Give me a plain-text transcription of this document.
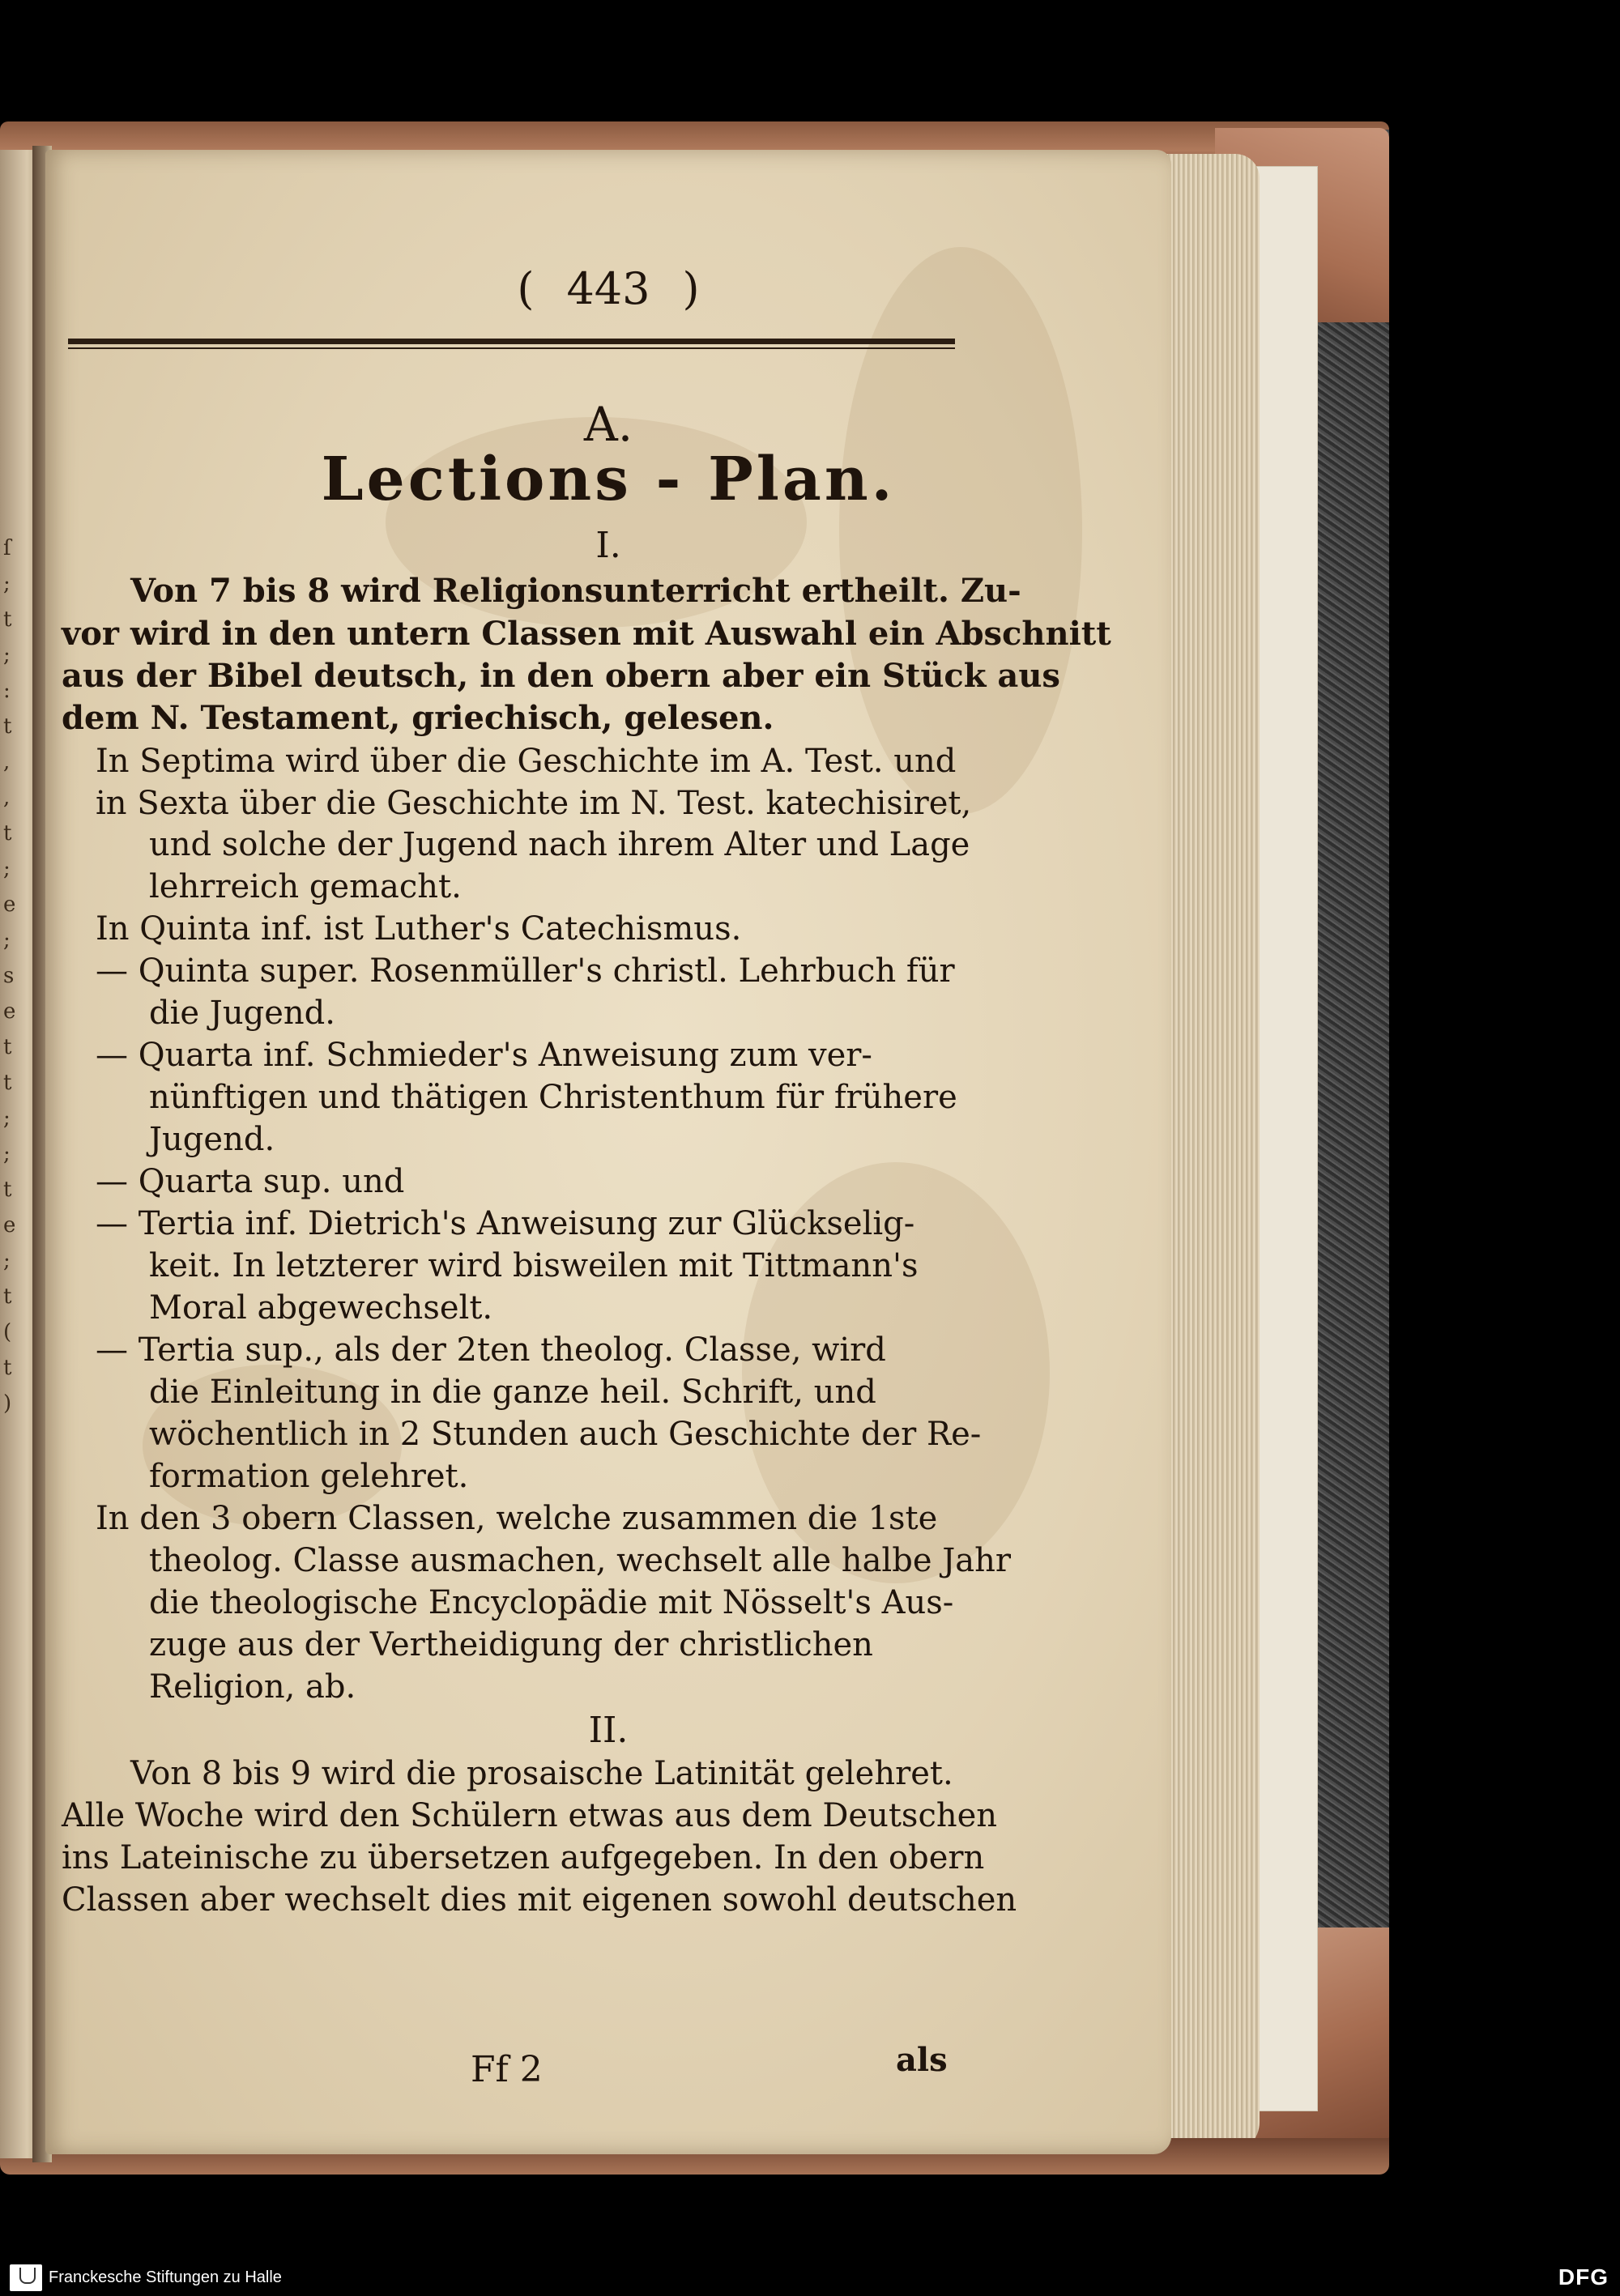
ſ
;
t
;
:
t
,
,
t
;
e
;
s
e
t
t
;
;
t
e
;
t
(
t
)
( 443 )
A.
Lections - Plan.
I.
Von 7 bis 8 wird Religionsunterricht ertheilt. Zu-
vor wird in den untern Classen mit Auswahl ein Abschnitt
aus der Bibel deutsch, in den obern aber ein Stück aus
dem N. Testament, griechisch, gelesen.
In Septima wird über die Geschichte im A. Test. und
in Sexta über die Geschichte im N. Test. katechisiret,
und solche der Jugend nach ihrem Alter und Lage
lehrreich gemacht.
In Quinta inf. ist Luther's Catechismus.
— Quinta super. Rosenmüller's christl. Lehrbuch für
die Jugend.
— Quarta inf. Schmieder's Anweisung zum ver-
nünftigen und thätigen Christenthum für frühere
Jugend.
— Quarta sup. und
— Tertia inf. Dietrich's Anweisung zur Glückselig-
keit. In letzterer wird bisweilen mit Tittmann's
Moral abgewechselt.
— Tertia sup., als der 2ten theolog. Classe, wird
die Einleitung in die ganze heil. Schrift, und
wöchentlich in 2 Stunden auch Geschichte der Re-
formation gelehret.
In den 3 obern Classen, welche zusammen die 1ste
theolog. Classe ausmachen, wechselt alle halbe Jahr
die theologische Encyclopädie mit Nösselt's Aus-
zuge aus der Vertheidigung der christlichen
Religion, ab.
II.
Von 8 bis 9 wird die prosaische Latinität gelehret.
Alle Woche wird den Schülern etwas aus dem Deutschen
ins Lateinische zu übersetzen aufgegeben. In den obern
Classen aber wechselt dies mit eigenen sowohl deutschen
Ff 2	als
Franckesche Stiftungen zu Halle	DFG
